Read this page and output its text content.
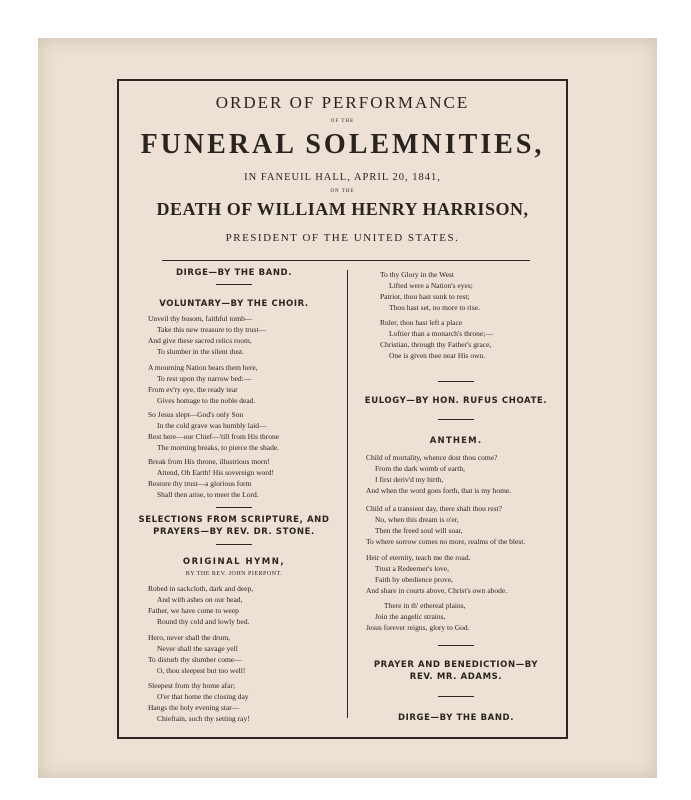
ORDER OF PERFORMANCE
OF THE
FUNERAL SOLEMNITIES,
IN FANEUIL HALL, APRIL 20, 1841,
ON THE
DEATH OF WILLIAM HENRY HARRISON,
PRESIDENT OF THE UNITED STATES.
DIRGE—BY THE BAND.
VOLUNTARY—BY THE CHOIR.
Unveil thy bosom, faithful tomb—
Take this new treasure to thy trust—
And give these sacred relics room,
To slumber in the silent dust.
A mourning Nation bears them here,
To rest upon thy narrow bed:—
From ev'ry eye, the ready tear
Gives homage to the noble dead.
So Jesus slept—God's only Son
In the cold grave was humbly laid—
Rest here—our Chief—'till from His throne
The morning breaks, to pierce the shade.
Break from His throne, illustrious morn!
Attend, Oh Earth! His sovereign word!
Restore thy trust—a glorious form
Shall then arise, to meet the Lord.
SELECTIONS FROM SCRIPTURE, AND
PRAYERS—BY REV. DR. STONE.
ORIGINAL HYMN,
BY THE REV. JOHN PIERPONT.
Robed in sackcloth, dark and deep,
And with ashes on our head,
Father, we have come to weep
Round thy cold and lowly bed.
Hero, never shall the drum,
Never shall the savage yell
To disturb thy slumber come—
O, thou sleepest but too well!
Sleepest from thy home afar;
O'er that home the closing day
Hangs the holy evening star—
Chieftain, such thy setting ray!
To thy Glory in the West
Lifted were a Nation's eyes;
Patriot, thou hast sunk to rest;
Thou hast set, no more to rise.
Ruler, thou hast left a place
Loftier than a monarch's throne;—
Christian, through thy Father's grace,
One is given thee near His own.
EULOGY—BY HON. RUFUS CHOATE.
ANTHEM.
Child of mortality, whence dost thou come?
From the dark womb of earth,
I first deriv'd my birth,
And when the word goes forth, that is my home.
Child of a transient day, there shalt thou rest?
No, when this dream is o'er,
Then the freed soul will soar,
To where sorrow comes no more, realms of the blest.
Heir of eternity, teach me the road.
Trust a Redeemer's love,
Faith by obedience prove,
And share in courts above, Christ's own abode.
There in th' ethereal plains,
Join the angelic strains,
Jesus forever reigns, glory to God.
PRAYER AND BENEDICTION—BY
REV. MR. ADAMS.
DIRGE—BY THE BAND.
